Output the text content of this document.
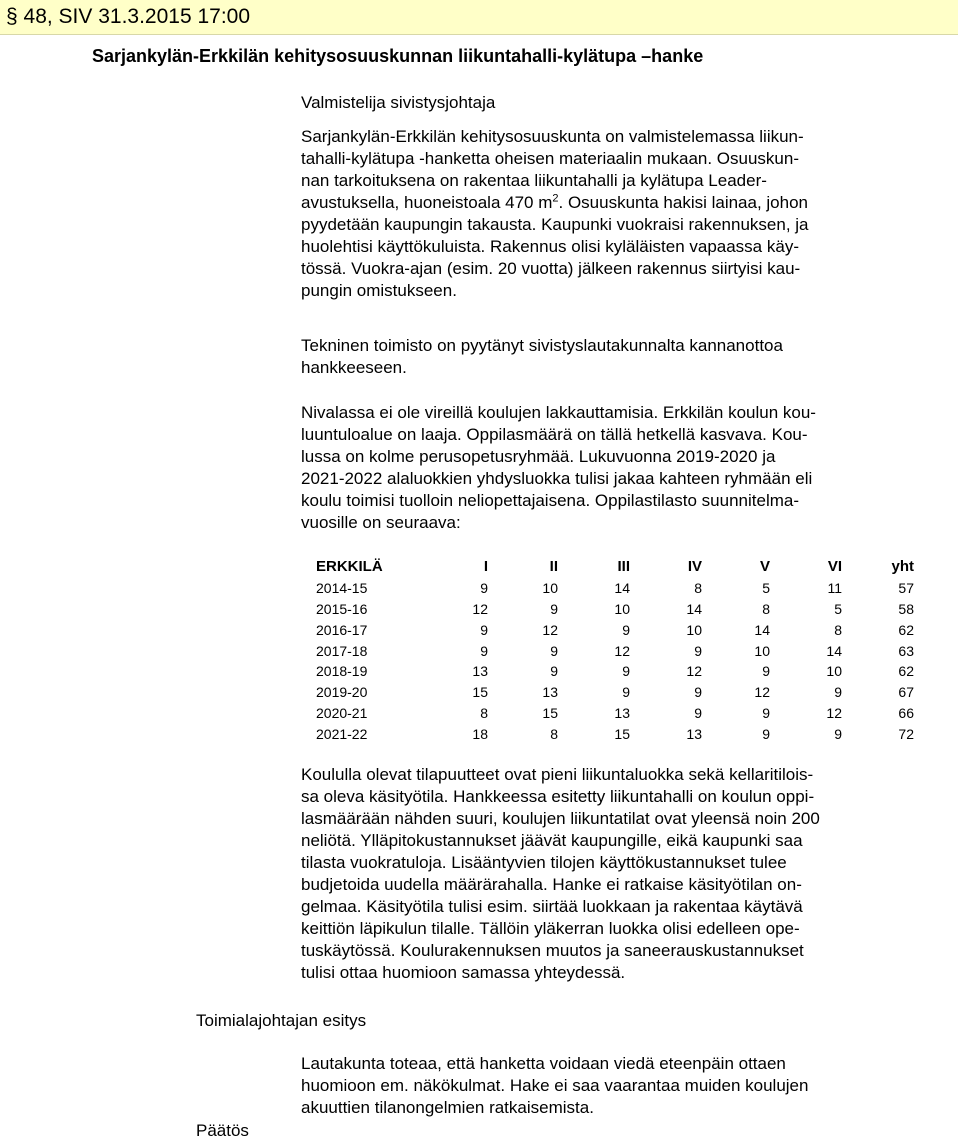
§ 48, SIV 31.3.2015 17:00
Sarjankylän-Erkkilän kehitysosuuskunnan liikuntahalli-kylätupa –hanke
Valmistelija sivistysjohtaja
Sarjankylän-Erkkilän kehitysosuuskunta on valmistelemassa liikun-
tahalli-kylätupa -hanketta oheisen materiaalin mukaan. Osuuskun-
nan tarkoituksena on rakentaa liikuntahalli ja kylätupa Leader-
avustuksella, huoneistoala 470 $m^2$. Osuuskunta hakisi lainaa, johon
pyydetään kaupungin takausta. Kaupunki vuokraisi rakennuksen, ja
huolehtisi käyttökuluista. Rakennus olisi kyläläisten vapaassa käy-
tössä. Vuokra-ajan (esim. 20 vuotta) jälkeen rakennus siirtyisi kau-
pungin omistukseen.
Tekninen toimisto on pyytänyt sivistyslautakunnalta kannanottoa
hankkeeseen.
Nivalassa ei ole vireillä koulujen lakkauttamisia. Erkkilän koulun kou-
luuntuloalue on laaja. Oppilasmäärä on tällä hetkellä kasvava. Kou-
lussa on kolme perusopetusryhmää. Lukuvuonna 2019-2020 ja
2021-2022 alaluokkien yhdysluokka tulisi jakaa kahteen ryhmään eli
koulu toimisi tuolloin neliopettajaisena. Oppilastilasto suunnitelma-
vuosille on seuraava:
ERKKILÄ	I	II	III	IV	V	VI	yht
2014-15	9	10	14	8	5	11	57
2015-16	12	9	10	14	8	5	58
2016-17	9	12	9	10	14	8	62
2017-18	9	9	12	9	10	14	63
2018-19	13	9	9	12	9	10	62
2019-20	15	13	9	9	12	9	67
2020-21	8	15	13	9	9	12	66
2021-22	18	8	15	13	9	9	72
Koululla olevat tilapuutteet ovat pieni liikuntaluokka sekä kellaritilois-
sa oleva käsityötila. Hankkeessa esitetty liikuntahalli on koulun oppi-
lasmäärään nähden suuri, koulujen liikuntatilat ovat yleensä noin 200
neliötä. Ylläpitokustannukset jäävät kaupungille, eikä kaupunki saa
tilasta vuokratuloja. Lisääntyvien tilojen käyttökustannukset tulee
budjetoida uudella määrärahalla. Hanke ei ratkaise käsityötilan on-
gelmaa. Käsityötila tulisi esim. siirtää luokkaan ja rakentaa käytävä
keittiön läpikulun tilalle. Tällöin yläkerran luokka olisi edelleen ope-
tuskäytössä. Koulurakennuksen muutos ja saneerauskustannukset
tulisi ottaa huomioon samassa yhteydessä.
Toimialajohtajan esitys
Lautakunta toteaa, että hanketta voidaan viedä eteenpäin ottaen
huomioon em. näkökulmat. Hake ei saa vaarantaa muiden koulujen
akuuttien tilanongelmien ratkaisemista.
Päätös
